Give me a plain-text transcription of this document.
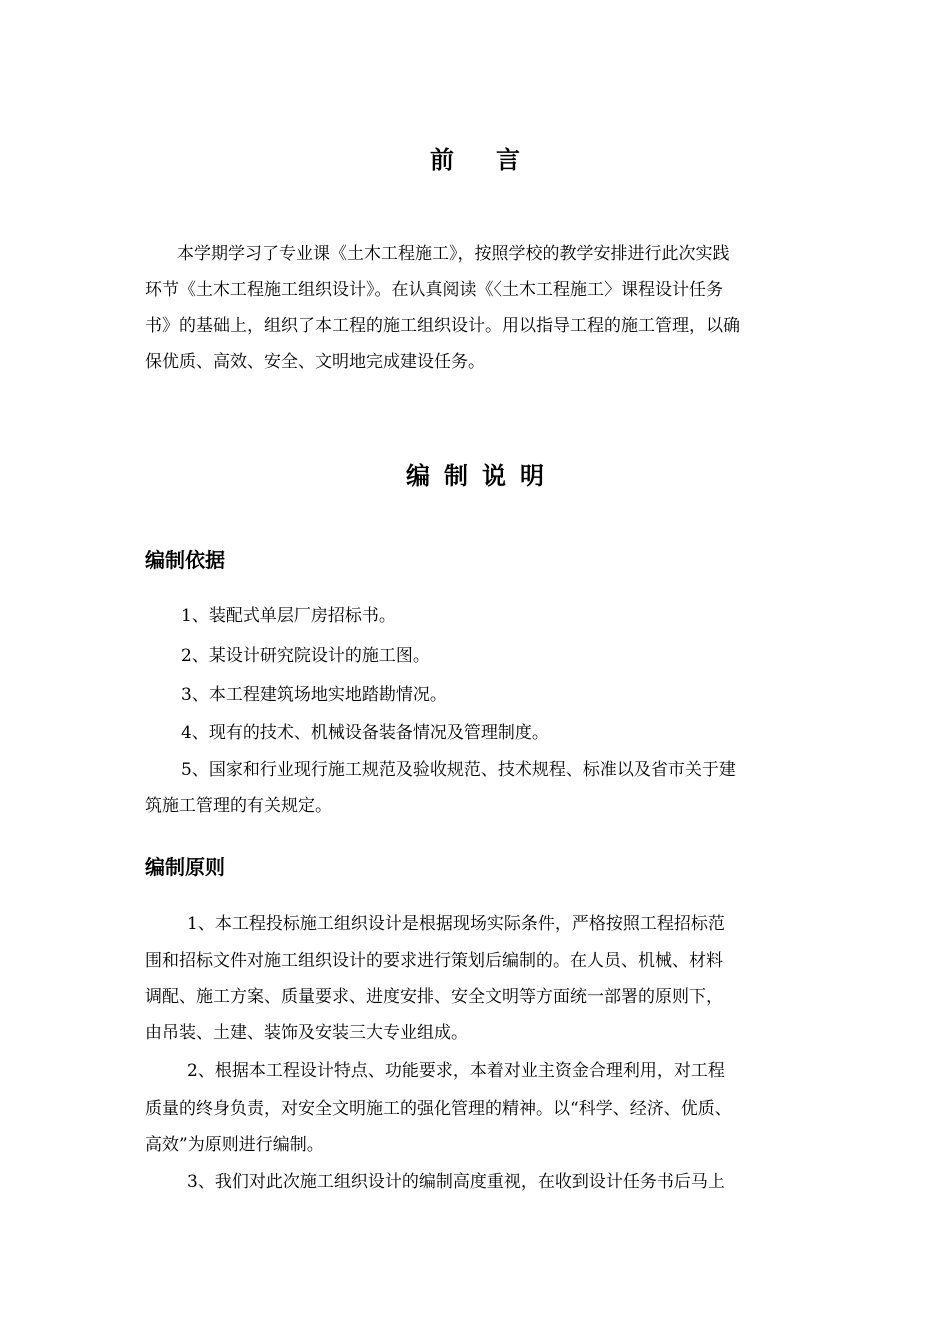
前 言
本学期学习了专业课《土木工程施工》，按照学校的教学安排进行此次实践
环节《土木工程施工组织设计》。在认真阅读《〈土木工程施工〉课程设计任务
书》的基础上，组织了本工程的施工组织设计。用以指导工程的施工管理，以确
保优质、高效、安全、文明地完成建设任务。
编制说明
编制依据
1、装配式单层厂房招标书。
2、某设计研究院设计的施工图。
3、本工程建筑场地实地踏勘情况。
4、现有的技术、机械设备装备情况及管理制度。
5、国家和行业现行施工规范及验收规范、技术规程、标准以及省市关于建
筑施工管理的有关规定。
编制原则
1、本工程投标施工组织设计是根据现场实际条件，严格按照工程招标范
围和招标文件对施工组织设计的要求进行策划后编制的。在人员、机械、材料
调配、施工方案、质量要求、进度安排、安全文明等方面统一部署的原则下，
由吊装、土建、装饰及安装三大专业组成。
2、根据本工程设计特点、功能要求，本着对业主资金合理利用，对工程
质量的终身负责，对安全文明施工的强化管理的精神。以“科学、经济、优质、
高效”为原则进行编制。
3、我们对此次施工组织设计的编制高度重视，在收到设计任务书后马上
